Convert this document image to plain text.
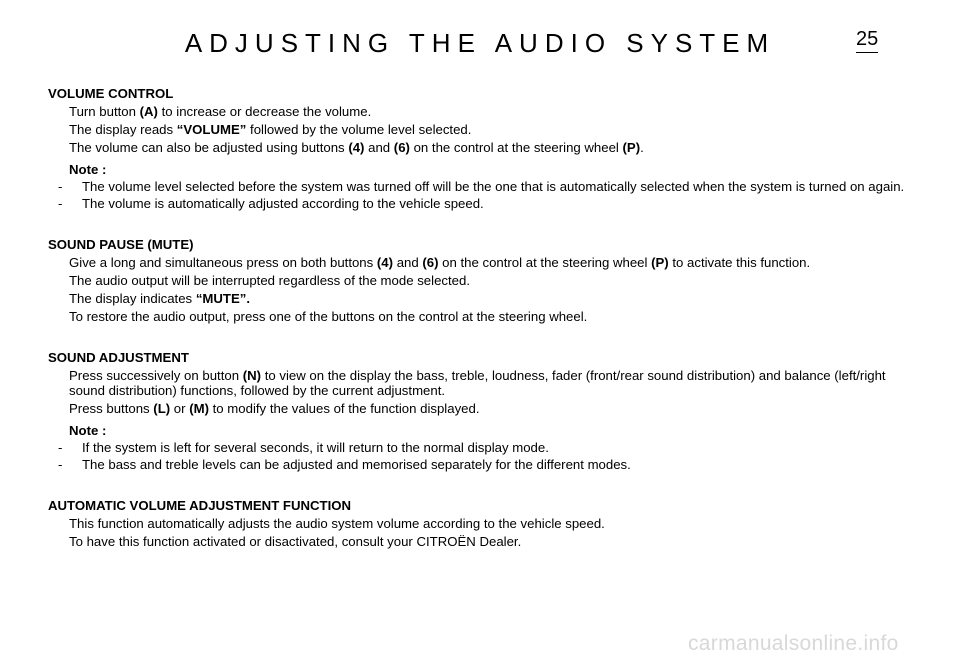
ADJUSTING THE AUDIO SYSTEM	25
VOLUME CONTROL
Turn button (A) to increase or decrease the volume.
The display reads “VOLUME” followed by the volume level selected.
The volume can also be adjusted using buttons (4) and (6) on the control at the steering wheel (P).
Note :
-	The volume level selected before the system was turned off will be the one that is automatically selected when the system is turned on again.
-	The volume is automatically adjusted according to the vehicle speed.
SOUND PAUSE (MUTE)
Give a long and simultaneous press on both buttons (4) and (6) on the control at the steering wheel (P) to activate this function.
The audio output will be interrupted regardless of the mode selected.
The display indicates “MUTE”.
To restore the audio output, press one of the buttons on the control at the steering wheel.
SOUND ADJUSTMENT
Press successively on button (N) to view on the display the bass, treble, loudness, fader (front/rear sound distribution) and balance (left/right sound distribution) functions, followed by the current adjustment.
Press buttons (L) or (M) to modify the values of the function displayed.
Note :
-	If the system is left for several seconds, it will return to the normal display mode.
-	The bass and treble levels can be adjusted and memorised separately for the different modes.
AUTOMATIC VOLUME ADJUSTMENT FUNCTION
This function automatically adjusts the audio system volume according to the vehicle speed.
To have this function activated or disactivated, consult your CITROËN Dealer.
carmanualsonline.info
